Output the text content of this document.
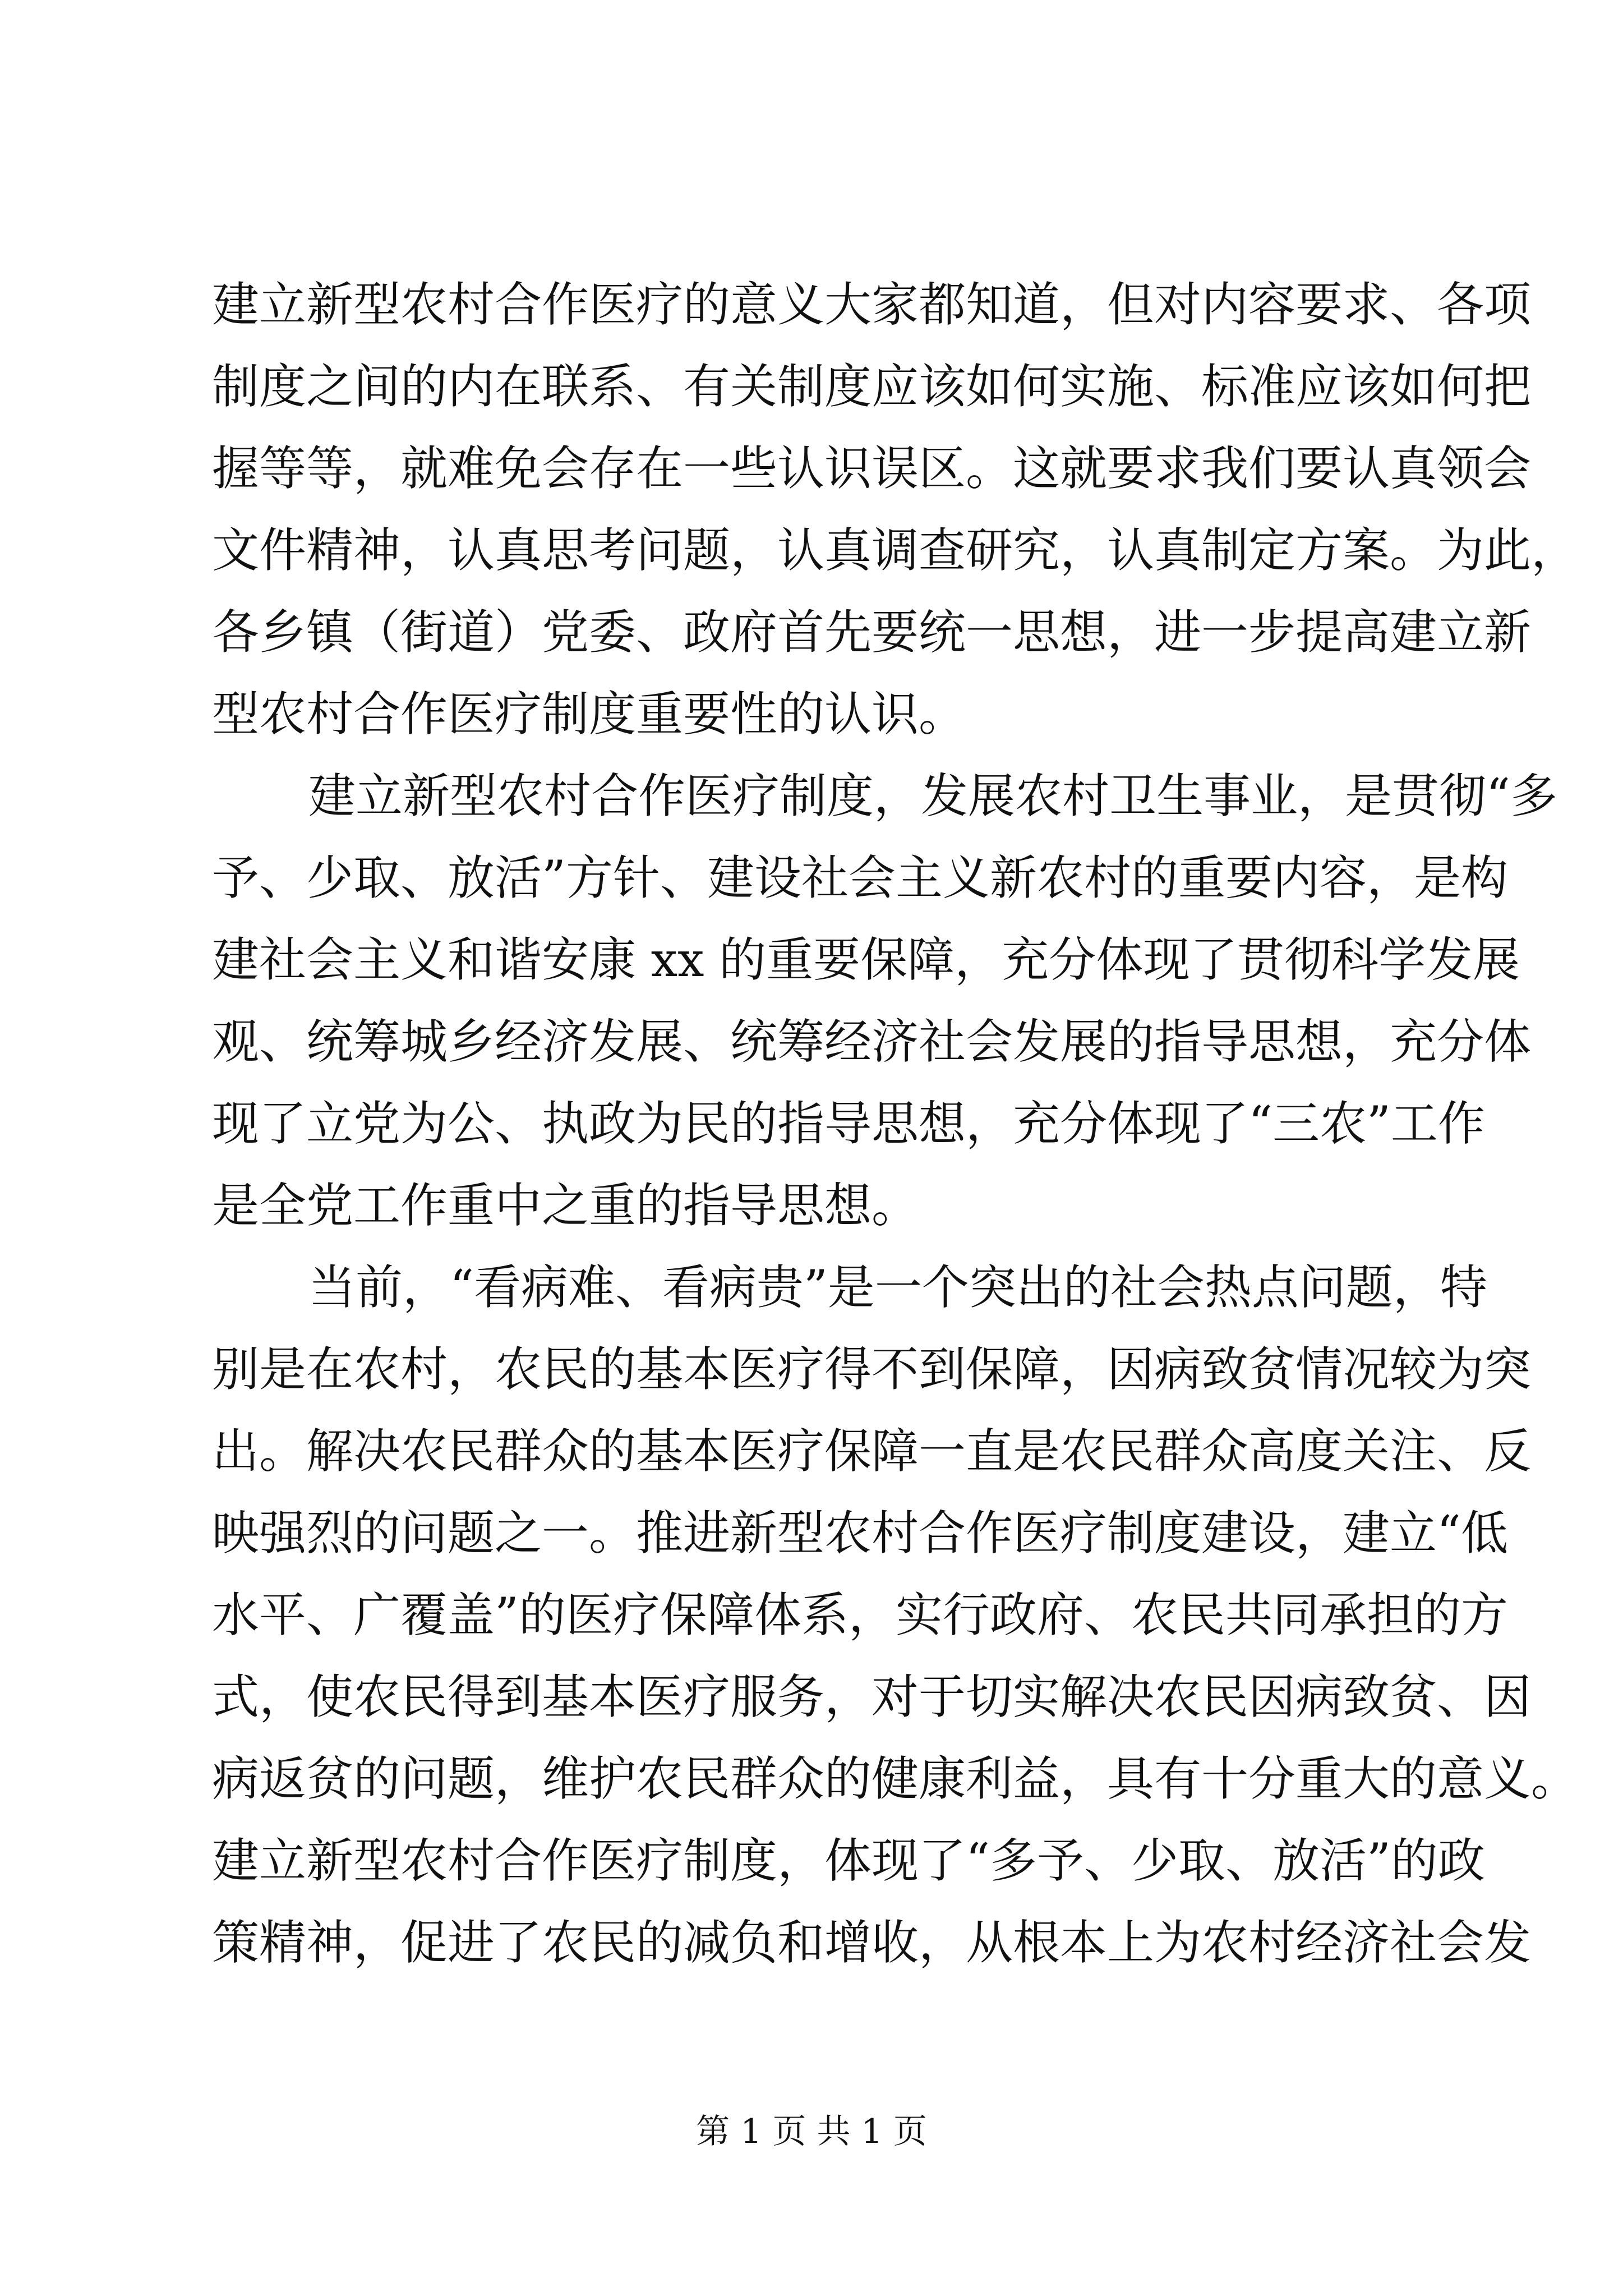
建立新型农村合作医疗的意义大家都知道，但对内容要求、各项
制度之间的内在联系、有关制度应该如何实施、标准应该如何把
握等等，就难免会存在一些认识误区。这就要求我们要认真领会
文件精神，认真思考问题，认真调查研究，认真制定方案。为此，
各乡镇（街道）党委、政府首先要统一思想，进一步提高建立新
型农村合作医疗制度重要性的认识。
建立新型农村合作医疗制度，发展农村卫生事业，是贯彻“多
予、少取、放活”方针、建设社会主义新农村的重要内容，是构
建社会主义和谐安康 xx 的重要保障，充分体现了贯彻科学发展
观、统筹城乡经济发展、统筹经济社会发展的指导思想，充分体
现了立党为公、执政为民的指导思想，充分体现了“三农”工作
是全党工作重中之重的指导思想。
当前，“看病难、看病贵”是一个突出的社会热点问题，特
别是在农村，农民的基本医疗得不到保障，因病致贫情况较为突
出。解决农民群众的基本医疗保障一直是农民群众高度关注、反
映强烈的问题之一。推进新型农村合作医疗制度建设，建立“低
水平、广覆盖”的医疗保障体系，实行政府、农民共同承担的方
式，使农民得到基本医疗服务，对于切实解决农民因病致贫、因
病返贫的问题，维护农民群众的健康利益，具有十分重大的意义。
建立新型农村合作医疗制度，体现了“多予、少取、放活”的政
策精神，促进了农民的减负和增收，从根本上为农村经济社会发
第 1 页 共 1 页
